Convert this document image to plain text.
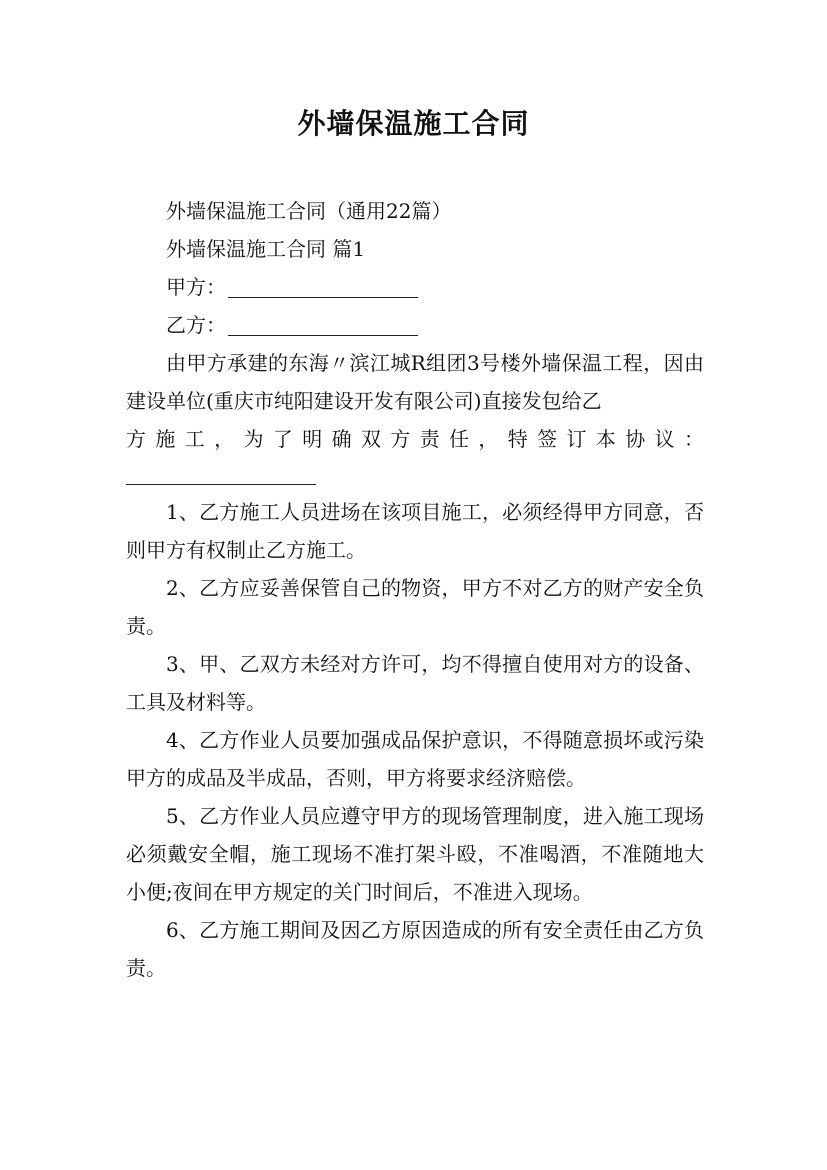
外墙保温施工合同

外墙保温施工合同（通用22篇）

外墙保温施工合同 篇1

甲方：

乙方：

由甲方承建的东海〃滨江城R组团3号楼外墙保温工程，因由建设单位(重庆市纯阳建设开发有限公司)直接发包给乙

方施工，为了明确双方责任，特签订本协议：

1、乙方施工人员进场在该项目施工，必须经得甲方同意，否则甲方有权制止乙方施工。

2、乙方应妥善保管自己的物资，甲方不对乙方的财产安全负责。

3、甲、乙双方未经对方许可，均不得擅自使用对方的设备、工具及材料等。

4、乙方作业人员要加强成品保护意识，不得随意损坏或污染甲方的成品及半成品，否则，甲方将要求经济赔偿。

5、乙方作业人员应遵守甲方的现场管理制度，进入施工现场必须戴安全帽，施工现场不准打架斗殴，不准喝酒，不准随地大小便;夜间在甲方规定的关门时间后，不准进入现场。

6、乙方施工期间及因乙方原因造成的所有安全责任由乙方负责。
